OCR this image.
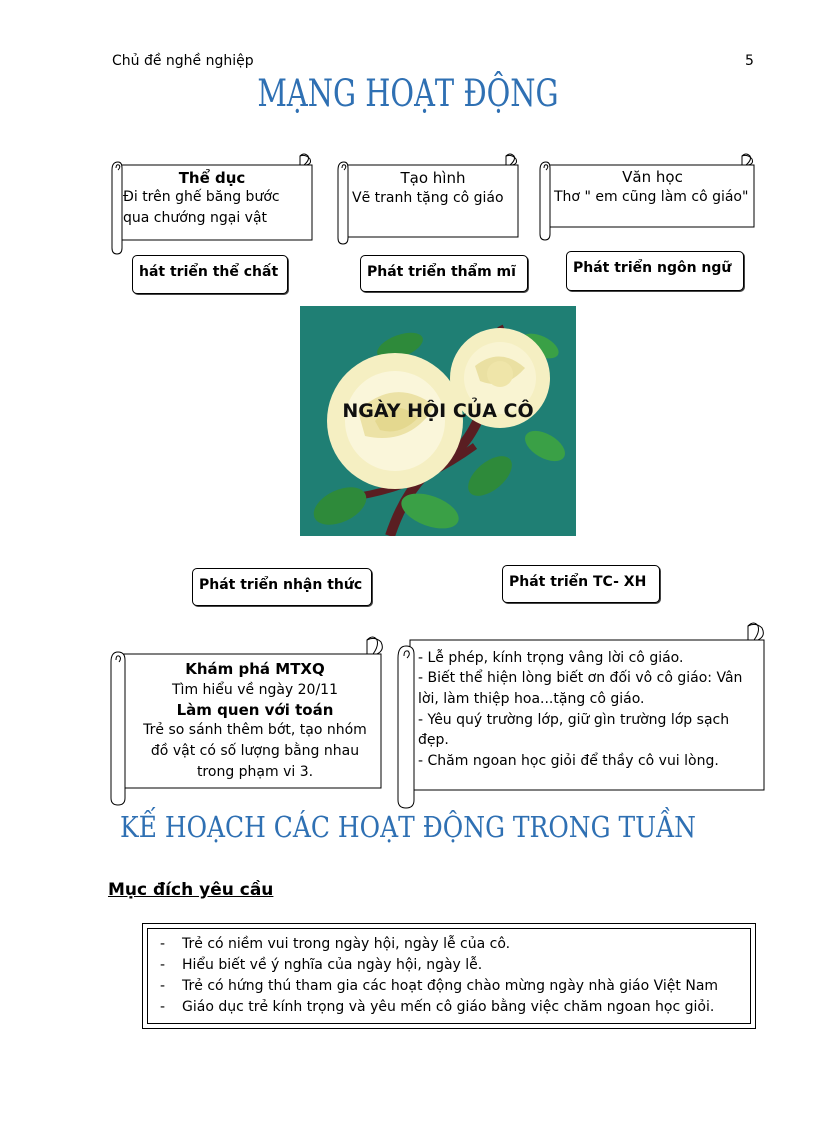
Chủ đề nghề nghiệp	5
MẠNG HOẠT ĐỘNG
Thể dục
Đi trên ghế băng bước
qua chướng ngại vật
Tạo hình
Vẽ tranh tặng cô giáo
Văn học
Thơ " em cũng làm cô giáo"
hát triển thể chất	Phát triển thẩm mĩ	Phát triển ngôn ngữ
NGÀY HỘI CỦA CÔ
Phát triển nhận thức	Phát triển TC- XH
Khám phá MTXQ
Tìm hiểu về ngày 20/11
Làm quen với toán
Trẻ so sánh thêm bớt, tạo nhóm
đồ vật có số lượng bằng nhau
trong phạm vi 3.
- Lễ phép, kính trọng vâng lời cô giáo.
- Biết thể hiện lòng biết ơn đối vô cô giáo: Vân
lời, làm thiệp hoa...tặng cô giáo.
- Yêu quý trường lớp, giữ gìn trường lớp sạch
đẹp.
- Chăm ngoan học giỏi để thầy cô vui lòng.
KẾ HOẠCH CÁC HOẠT ĐỘNG TRONG TUẦN
Mục đích yêu cầu
- Trẻ có niềm vui trong ngày hội, ngày lễ của cô.
- Hiểu biết về ý nghĩa của ngày hội, ngày lễ.
- Trẻ có hứng thú tham gia các hoạt động chào mừng ngày nhà giáo Việt Nam
- Giáo dục trẻ kính trọng và yêu mến cô giáo bằng việc chăm ngoan học giỏi.
